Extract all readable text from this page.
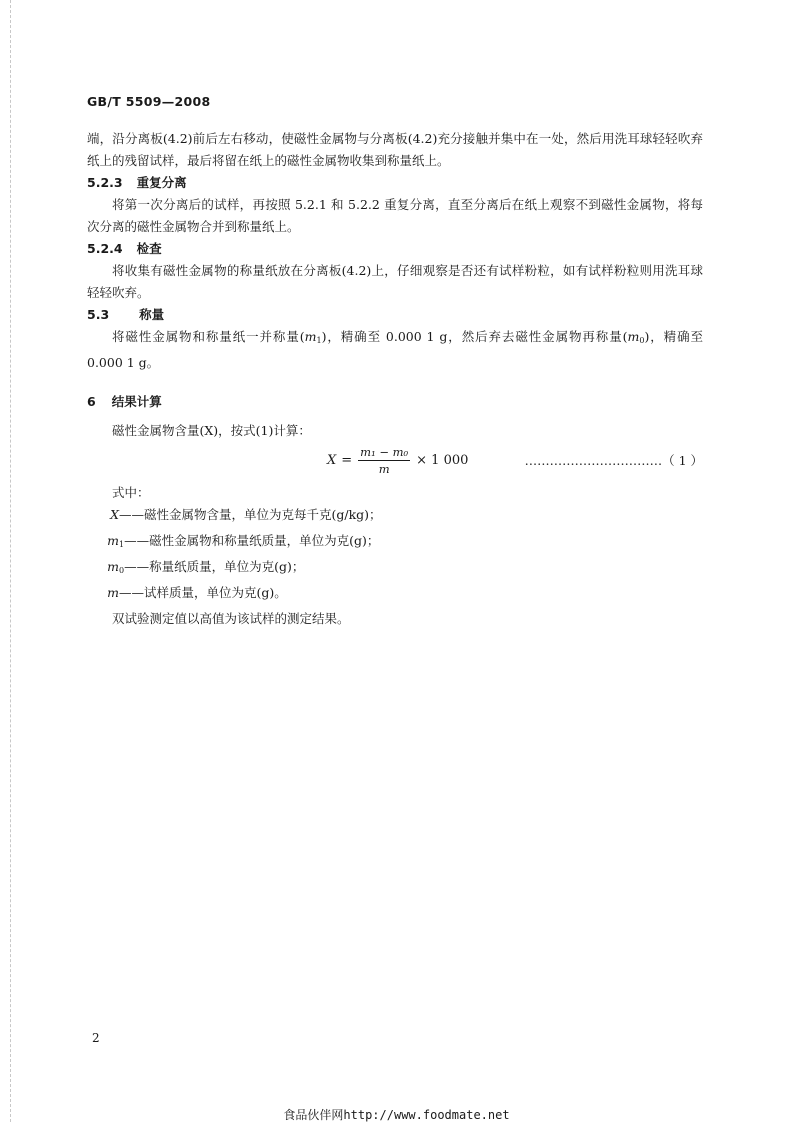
GB/T 5509—2008

端，沿分离板(4.2)前后左右移动，使磁性金属物与分离板(4.2)充分接触并集中在一处，然后用洗耳球轻轻吹弃纸上的残留试样，最后将留在纸上的磁性金属物收集到称量纸上。

5.2.3 重复分离

将第一次分离后的试样，再按照 5.2.1 和 5.2.2 重复分离，直至分离后在纸上观察不到磁性金属物，将每次分离的磁性金属物合并到称量纸上。

5.2.4 检查

将收集有磁性金属物的称量纸放在分离板(4.2)上，仔细观察是否还有试样粉粒，如有试样粉粒则用洗耳球轻轻吹弃。

5.3 称量

将磁性金属物和称量纸一并称量$(m_1)$，精确至 0.000 1 g，然后弃去磁性金属物再称量$(m_0)$，精确至 0.000 1 g。

6 结果计算

磁性金属物含量(X)，按式(1)计算：

$X = \frac{\text{m₁ − m₀}}{m} \times 1$ 000	……………………………（ 1 ）

式中：

X——磁性金属物含量，单位为克每千克(g/kg)；

$m_1——$磁性金属物和称量纸质量，单位为克(g)；

$m_0——$称量纸质量，单位为克(g)；

m——试样质量，单位为克(g)。

双试验测定值以高值为该试样的测定结果。

2
食品伙伴网http://www.foodmate.net
